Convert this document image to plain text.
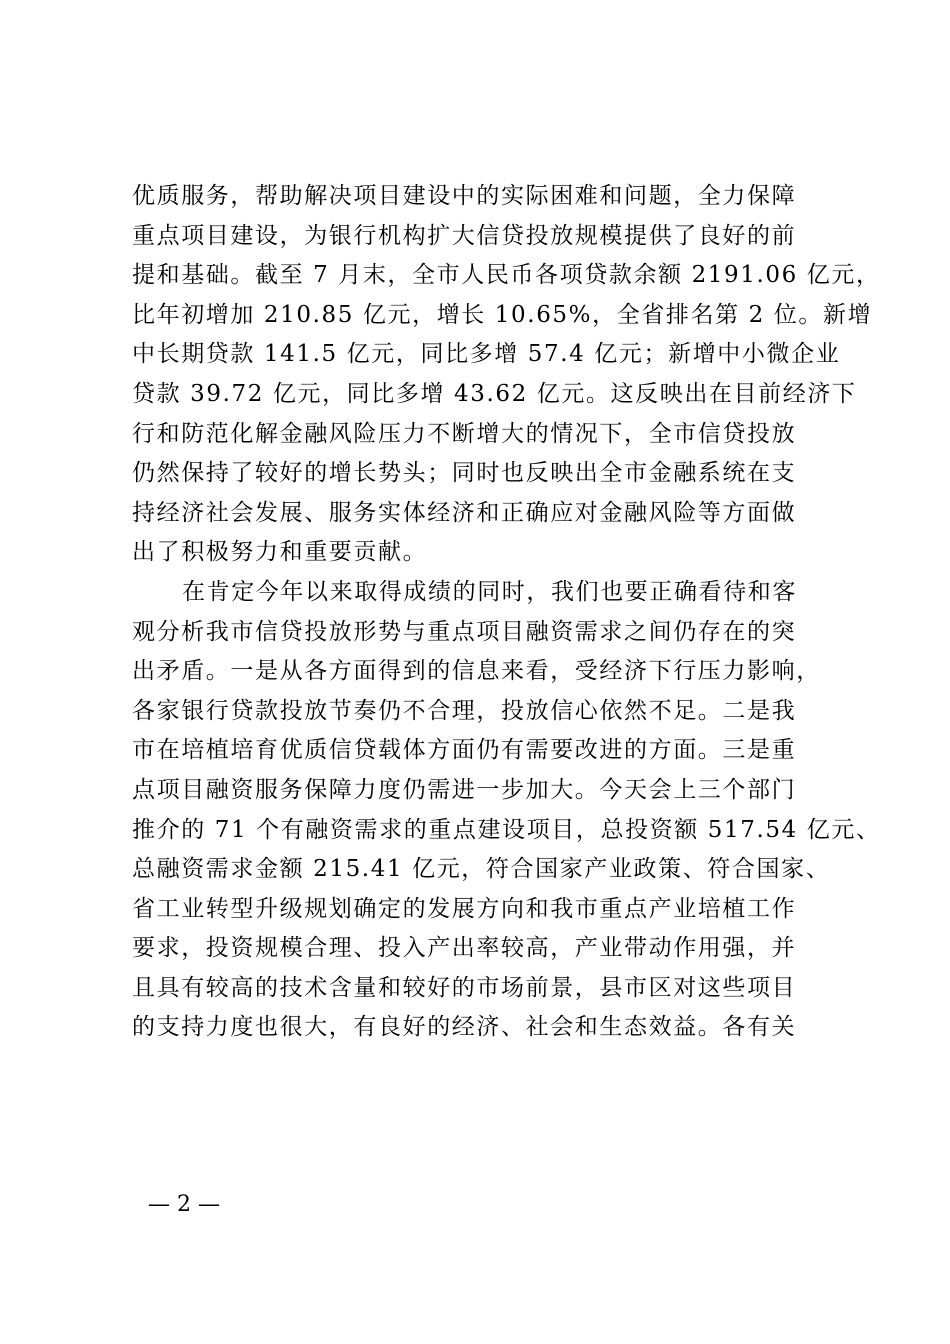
优质服务，帮助解决项目建设中的实际困难和问题，全力保障
重点项目建设，为银行机构扩大信贷投放规模提供了良好的前
提和基础。截至 7 月末，全市人民币各项贷款余额 2191.06 亿元，
比年初增加 210.85 亿元，增长 10.65%，全省排名第 2 位。新增
中长期贷款 141.5 亿元，同比多增 57.4 亿元；新增中小微企业
贷款 39.72 亿元，同比多增 43.62 亿元。这反映出在目前经济下
行和防范化解金融风险压力不断增大的情况下，全市信贷投放
仍然保持了较好的增长势头；同时也反映出全市金融系统在支
持经济社会发展、服务实体经济和正确应对金融风险等方面做
出了积极努力和重要贡献。
在肯定今年以来取得成绩的同时，我们也要正确看待和客
观分析我市信贷投放形势与重点项目融资需求之间仍存在的突
出矛盾。一是从各方面得到的信息来看，受经济下行压力影响，
各家银行贷款投放节奏仍不合理，投放信心依然不足。二是我
市在培植培育优质信贷载体方面仍有需要改进的方面。三是重
点项目融资服务保障力度仍需进一步加大。今天会上三个部门
推介的 71 个有融资需求的重点建设项目，总投资额 517.54 亿元、
总融资需求金额 215.41 亿元，符合国家产业政策、符合国家、
省工业转型升级规划确定的发展方向和我市重点产业培植工作
要求，投资规模合理、投入产出率较高，产业带动作用强，并
且具有较高的技术含量和较好的市场前景，县市区对这些项目
的支持力度也很大，有良好的经济、社会和生态效益。各有关
— 2 —
